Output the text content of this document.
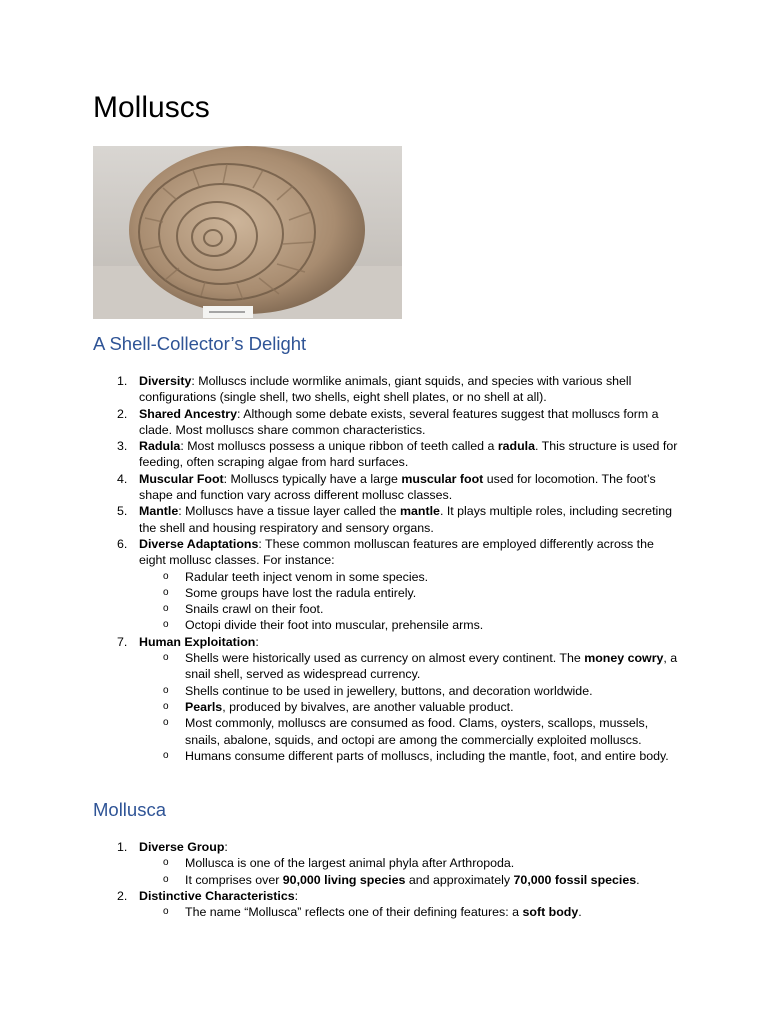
Molluscs
A Shell-Collector’s Delight
1. Diversity: Molluscs include wormlike animals, giant squids, and species with various shell configurations (single shell, two shells, eight shell plates, or no shell at all).
2. Shared Ancestry: Although some debate exists, several features suggest that molluscs form a clade. Most molluscs share common characteristics.
3. Radula: Most molluscs possess a unique ribbon of teeth called a radula. This structure is used for feeding, often scraping algae from hard surfaces.
4. Muscular Foot: Molluscs typically have a large muscular foot used for locomotion. The foot’s shape and function vary across different mollusc classes.
5. Mantle: Molluscs have a tissue layer called the mantle. It plays multiple roles, including secreting the shell and housing respiratory and sensory organs.
6. Diverse Adaptations: These common molluscan features are employed differently across the eight mollusc classes. For instance:
o Radular teeth inject venom in some species.
o Some groups have lost the radula entirely.
o Snails crawl on their foot.
o Octopi divide their foot into muscular, prehensile arms.
7. Human Exploitation:
o Shells were historically used as currency on almost every continent. The money cowry, a snail shell, served as widespread currency.
o Shells continue to be used in jewellery, buttons, and decoration worldwide.
o Pearls, produced by bivalves, are another valuable product.
o Most commonly, molluscs are consumed as food. Clams, oysters, scallops, mussels, snails, abalone, squids, and octopi are among the commercially exploited molluscs.
o Humans consume different parts of molluscs, including the mantle, foot, and entire body.
Mollusca
1. Diverse Group:
o Mollusca is one of the largest animal phyla after Arthropoda.
o It comprises over 90,000 living species and approximately 70,000 fossil species.
2. Distinctive Characteristics:
o The name “Mollusca” reflects one of their defining features: a soft body.
